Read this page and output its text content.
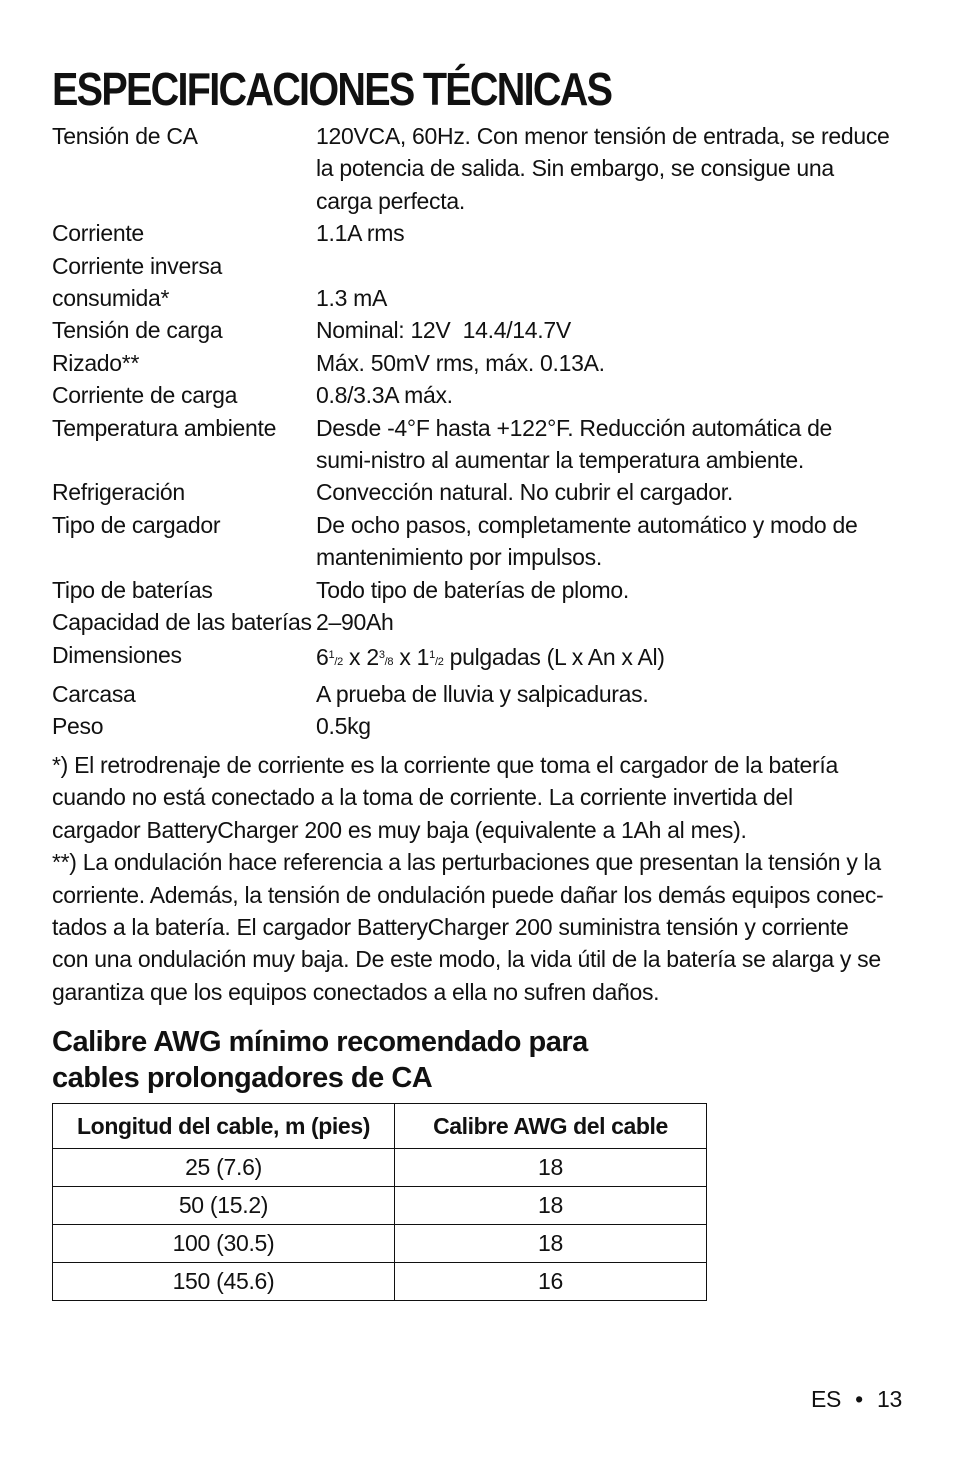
ESPECIFICACIONES TÉCNICAS
Tensión de CA	120VCA, 60Hz. Con menor tensión de entrada, se reduce la potencia de salida. Sin embargo, se consigue una carga perfecta.
Corriente	1.1A rms
Corriente inversa
consumida*	1.3 mA
Tensión de carga	Nominal: 12V  14.4/14.7V
Rizado**	Máx. 50mV rms, máx. 0.13A.
Corriente de carga	0.8/3.3A máx.
Temperatura ambiente	Desde -4°F hasta +122°F. Reducción automática de sumi-nistro al aumentar la temperatura ambiente.
Refrigeración	Convección natural. No cubrir el cargador.
Tipo de cargador	De ocho pasos, completamente automático y modo de mantenimiento por impulsos.
Tipo de baterías	Todo tipo de baterías de plomo.
Capacidad de las baterías 2–90Ah
Dimensiones	61/2 x 23/8 x 11/2 pulgadas (L x An x Al)
Carcasa	A prueba de lluvia y salpicaduras.
Peso	0.5kg

*) El retrodrenaje de corriente es la corriente que toma el cargador de la batería cuando no está conectado a la toma de corriente. La corriente invertida del cargador BatteryCharger 200 es muy baja (equivalente a 1Ah al mes).

**) La ondulación hace referencia a las perturbaciones que presentan la tensión y la corriente. Además, la tensión de ondulación puede dañar los demás equipos conec-tados a la batería. El cargador BatteryCharger 200 suministra tensión y corriente con una ondulación muy baja. De este modo, la vida útil de la batería se alarga y se garantiza que los equipos conectados a ella no sufren daños.

Calibre AWG mínimo recomendado para
cables prolongadores de CA
Longitud del cable, m (pies)	Calibre AWG del cable
25 (7.6)	18
50 (15.2)	18
100 (30.5)	18
150 (45.6)	16
ES • 13
